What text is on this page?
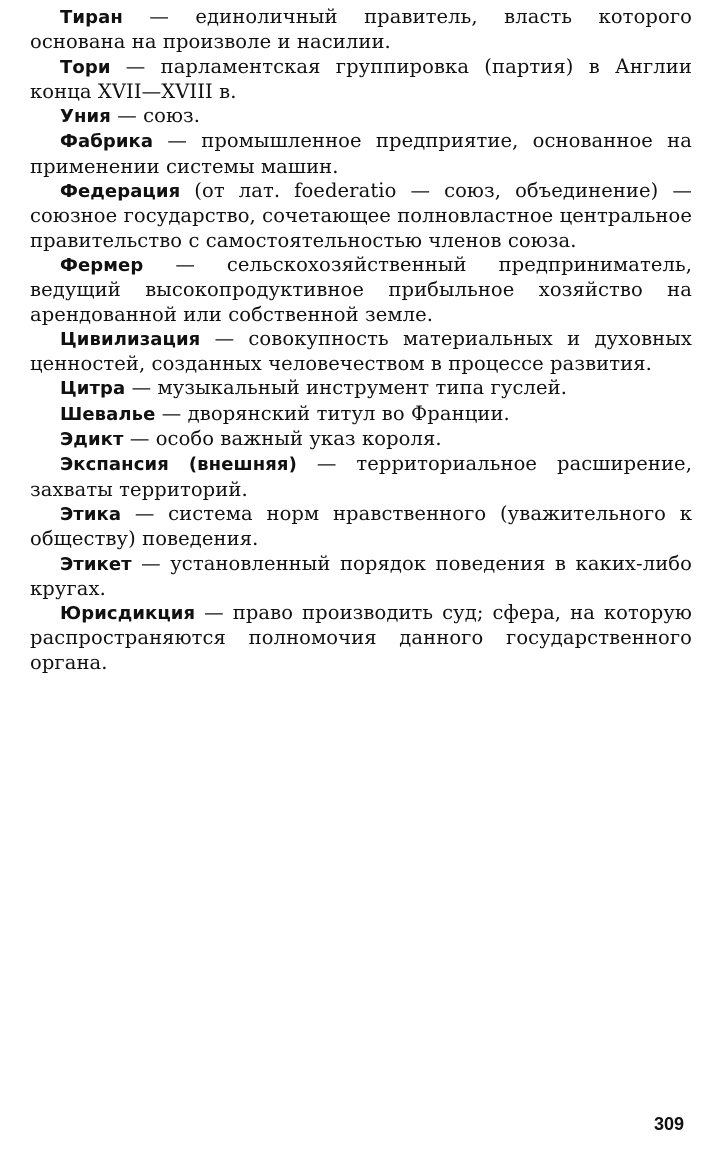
Тиран — единоличный правитель, власть которого основана на произволе и насилии.

Тори — парламентская группировка (партия) в Англии конца XVII—XVIII в.

Уния — союз.

Фабрика — промышленное предприятие, основанное на применении системы машин.

Федерация (от лат. foederatio — союз, объединение) — союзное государство, сочетающее полновластное центральное правительство с самостоятельностью членов союза.

Фермер — сельскохозяйственный предприниматель, ведущий высокопродуктивное прибыльное хозяйство на арендованной или собственной земле.

Цивилизация — совокупность материальных и духовных ценностей, созданных человечеством в процессе развития.

Цитра — музыкальный инструмент типа гуслей.

Шевалье — дворянский титул во Франции.

Эдикт — особо важный указ короля.

Экспансия (внешняя) — территориальное расширение, захваты территорий.

Этика — система норм нравственного (уважительного к обществу) поведения.

Этикет — установленный порядок поведения в каких-либо кругах.

Юрисдикция — право производить суд; сфера, на которую распространяются полномочия данного государственного органа.

309
